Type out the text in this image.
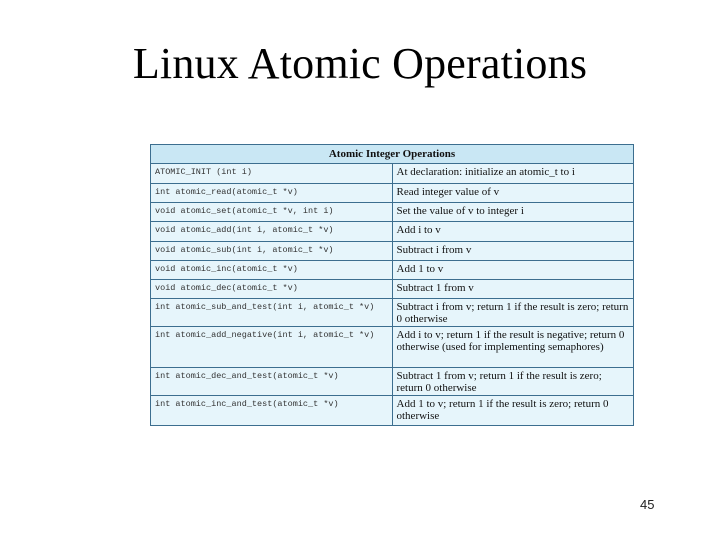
Linux Atomic Operations
Atomic Integer Operations	
ATOMIC_INIT (int i)	At declaration: initialize an atomic_t to i
int atomic_read(atomic_t *v)	Read integer value of v
void atomic_set(atomic_t *v, int i)	Set the value of v to integer i
void atomic_add(int i, atomic_t *v)	Add i to v
void atomic_sub(int i, atomic_t *v)	Subtract i from v
void atomic_inc(atomic_t *v)	Add 1 to v
void atomic_dec(atomic_t *v)	Subtract 1 from v
int atomic_sub_and_test(int i, atomic_t *v)	Subtract i from v; return 1 if the result is zero; return 0 otherwise
int atomic_add_negative(int i, atomic_t *v)	Add i to v; return 1 if the result is negative; return 0 otherwise (used for implementing semaphores)
int atomic_dec_and_test(atomic_t *v)	Subtract 1 from v; return 1 if the result is zero; return 0 otherwise
int atomic_inc_and_test(atomic_t *v)	Add 1 to v; return 1 if the result is zero; return 0 otherwise
45
